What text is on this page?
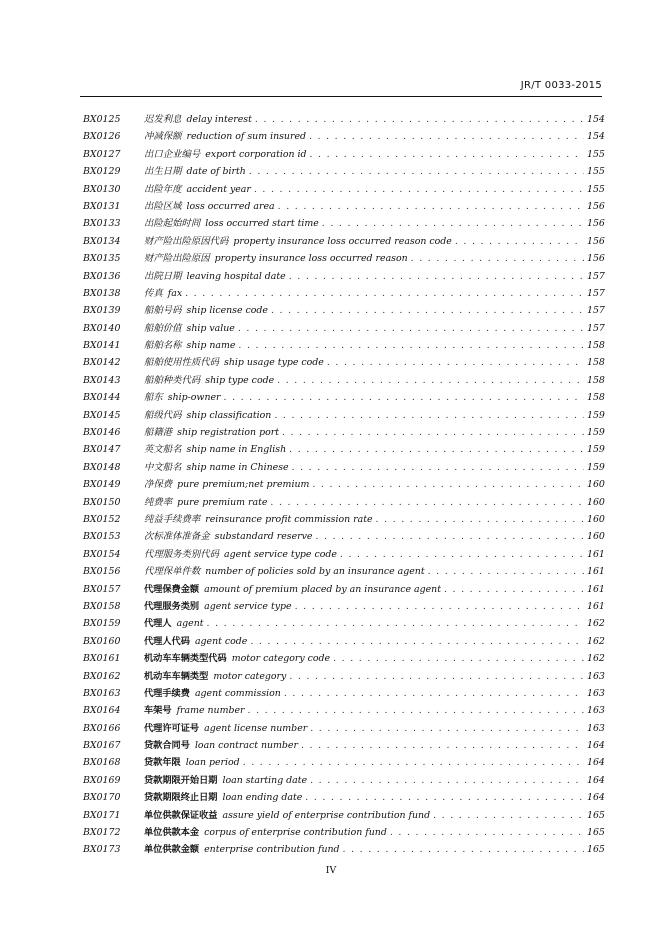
JR/T 0033-2015
BX0125	迟发利息 delay interest . . .	154
BX0126	冲减保额 reduction of sum insured . . .	154
BX0127	出口企业编号 export corporation id . . .	155
BX0129	出生日期 date of birth . . .	155
BX0130	出险年度 accident year . . .	155
BX0131	出险区域 loss occurred area . . .	156
BX0133	出险起始时间 loss occurred start time . . .	156
BX0134	财产险出险原因代码 property insurance loss occurred reason code . . .	156
BX0135	财产险出险原因 property insurance loss occurred reason . . .	156
BX0136	出院日期 leaving hospital date . . .	157
BX0138	传真 fax . . .	157
BX0139	船舶号码 ship license code . . .	157
BX0140	船舶价值 ship value . . .	157
BX0141	船舶名称 ship name . . .	158
BX0142	船舶使用性质代码 ship usage type code . . .	158
BX0143	船舶种类代码 ship type code . . .	158
BX0144	船东 ship-owner . . .	158
BX0145	船级代码 ship classification . . .	159
BX0146	船籍港 ship registration port . . .	159
BX0147	英文船名 ship name in English . . .	159
BX0148	中文船名 ship name in Chinese . . .	159
BX0149	净保费 pure premium;net premium . . .	160
BX0150	纯费率 pure premium rate . . .	160
BX0152	纯益手续费率 reinsurance profit commission rate . . .	160
BX0153	次标准体准备金 substandard reserve . . .	160
BX0154	代理服务类别代码 agent service type code . . .	161
BX0156	代理保单件数 number of policies sold by an insurance agent . . .	161
BX0157	代理保费金额 amount of premium placed by an insurance agent . . .	161
BX0158	代理服务类别 agent service type . . .	161
BX0159	代理人 agent . . .	162
BX0160	代理人代码 agent code . . .	162
BX0161	机动车车辆类型代码 motor category code . . .	162
BX0162	机动车车辆类型 motor category . . .	163
BX0163	代理手续费 agent commission . . .	163
BX0164	车架号 frame number . . .	163
BX0166	代理许可证号 agent license number . . .	163
BX0167	贷款合同号 loan contract number . . .	164
BX0168	贷款年限 loan period . . .	164
BX0169	贷款期限开始日期 loan starting date . . .	164
BX0170	贷款期限终止日期 loan ending date . . .	164
BX0171	单位供款保证收益 assure yield of enterprise contribution fund . . .	165
BX0172	单位供款本金 corpus of enterprise contribution fund . . .	165
BX0173	单位供款金额 enterprise contribution fund . . .	165
IV
